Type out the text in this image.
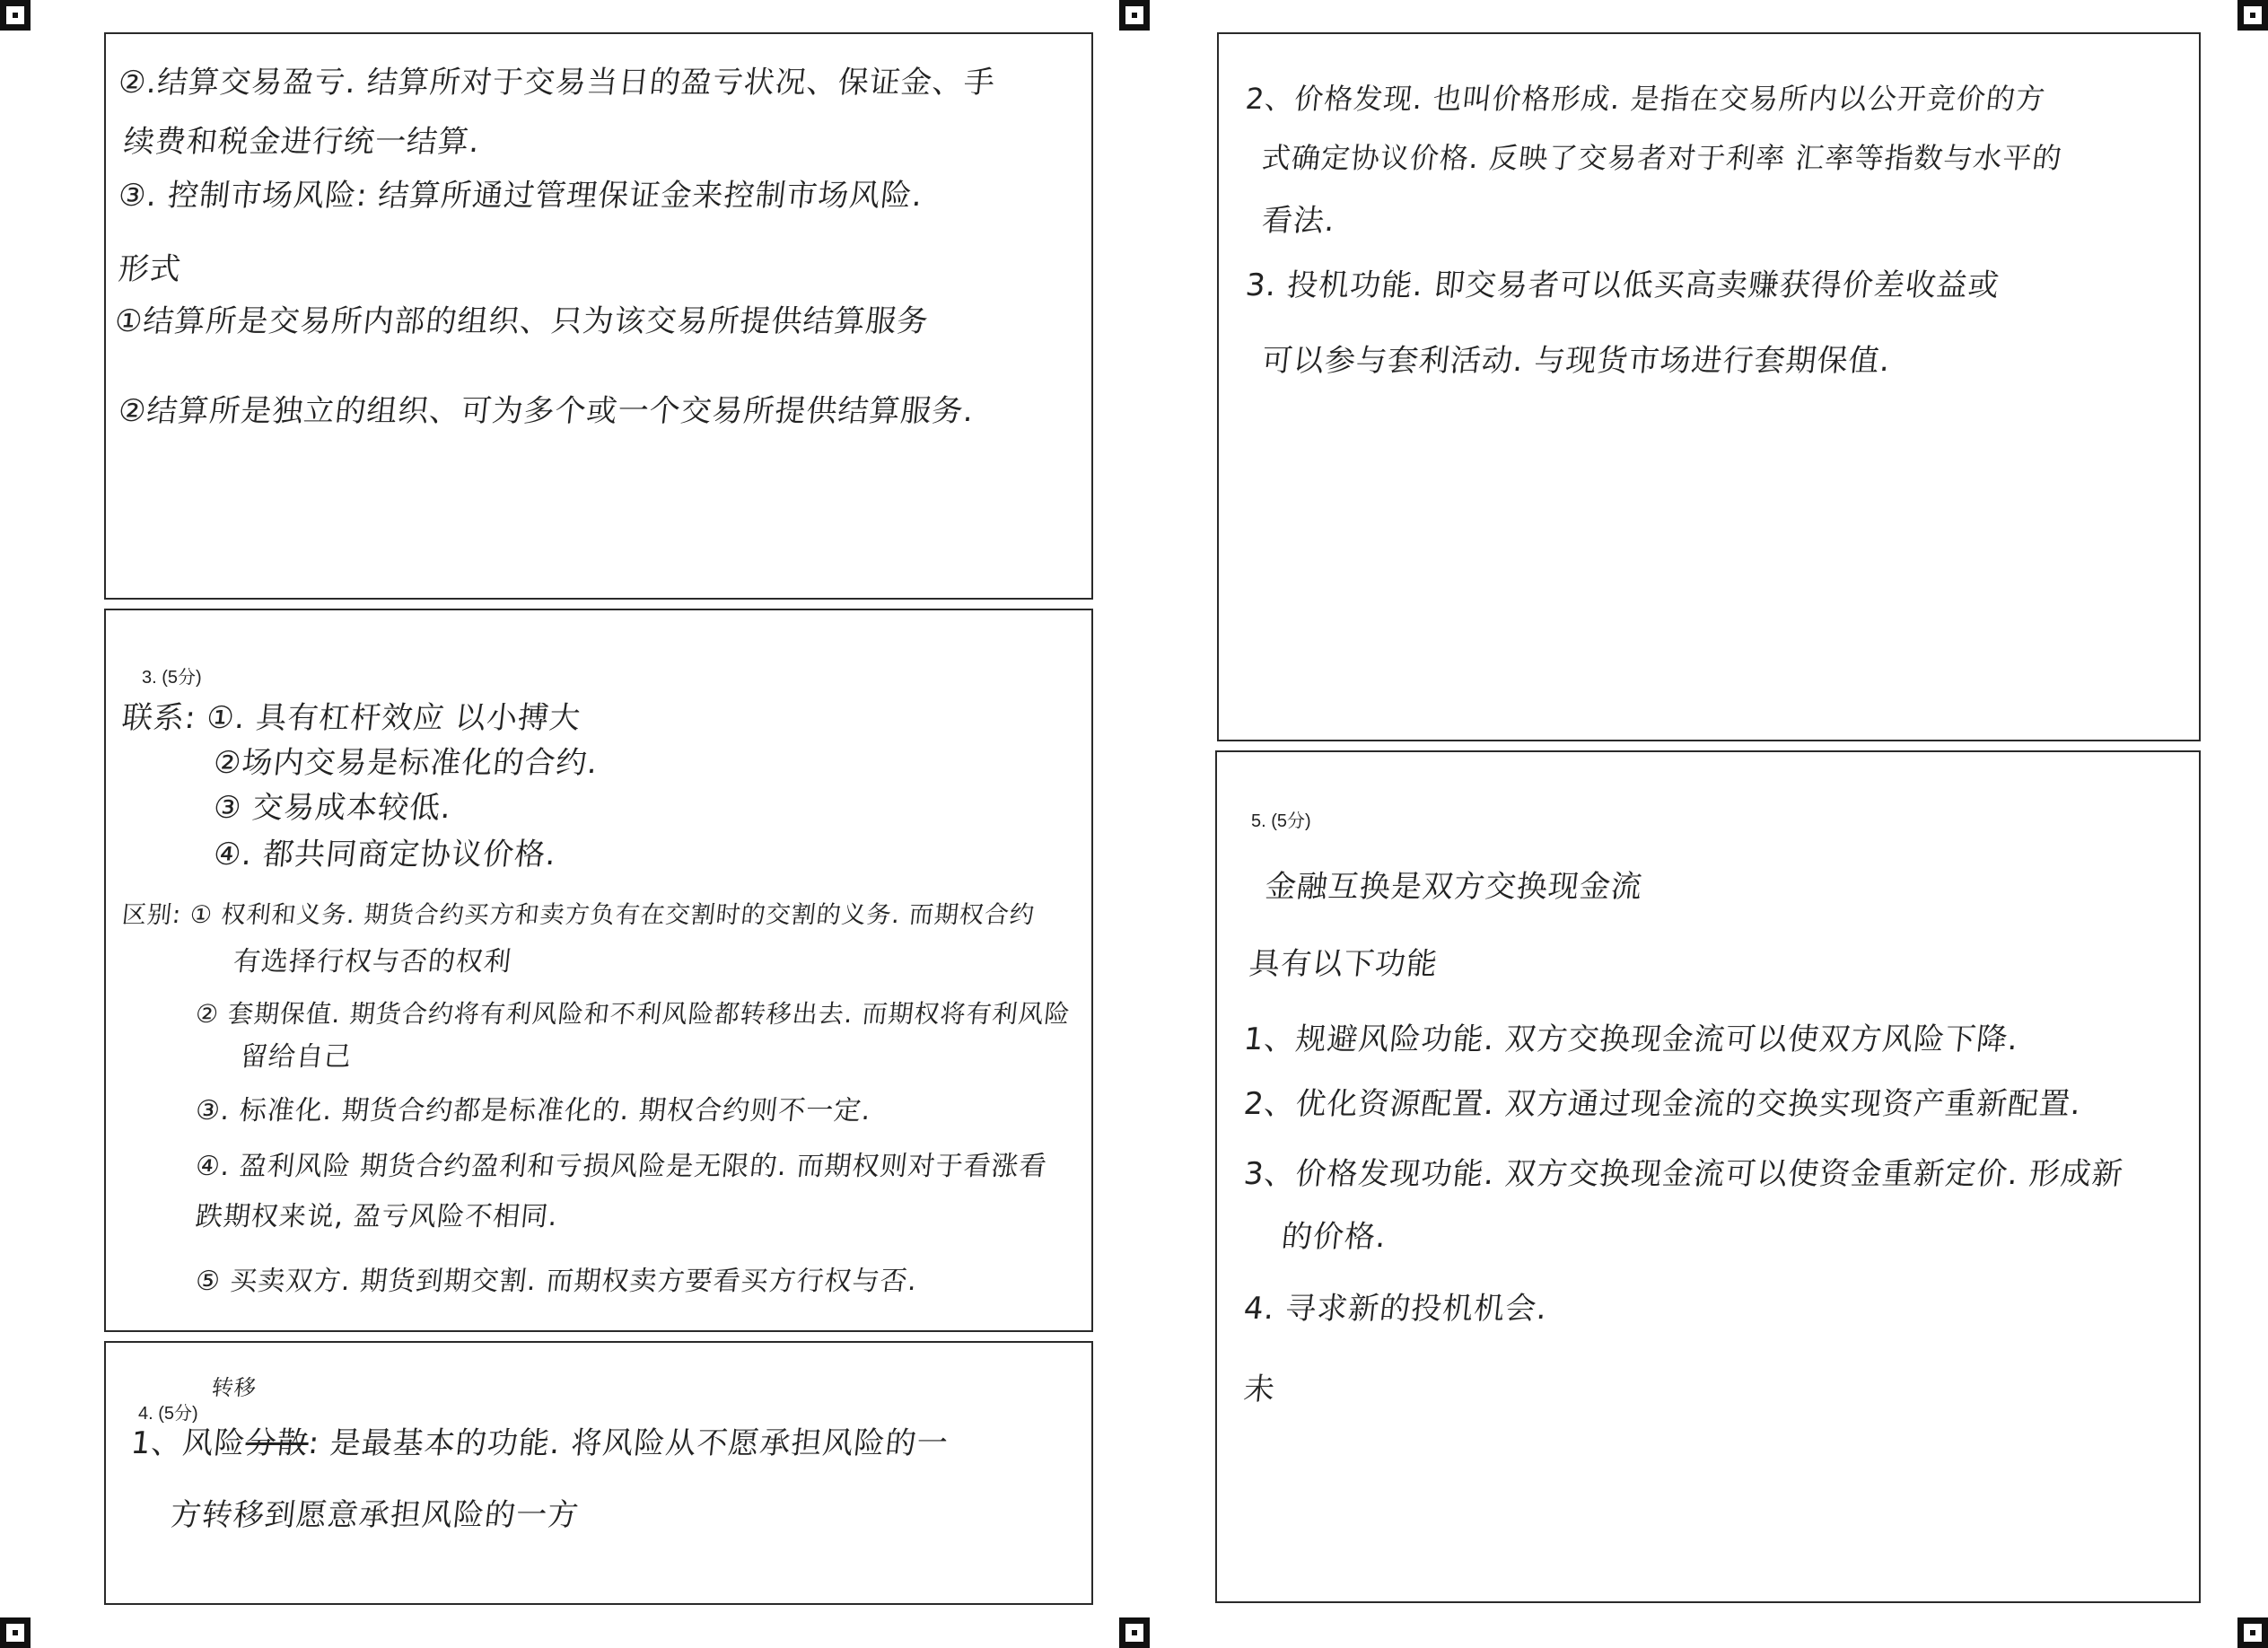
②.结算交易盈亏. 结算所对于交易当日的盈亏状况、保证金、手
续费和税金进行统一结算.
③. 控制市场风险: 结算所通过管理保证金来控制市场风险.
形式
①结算所是交易所内部的组织、只为该交易所提供结算服务
②结算所是独立的组织、可为多个或一个交易所提供结算服务.
3. (5分)
联系: ①. 具有杠杆效应 以小搏大
②场内交易是标准化的合约.
③ 交易成本较低.
④. 都共同商定协议价格.
区别: ① 权利和义务. 期货合约买方和卖方负有在交割时的交割的义务. 而期权合约
有选择行权与否的权利
② 套期保值. 期货合约将有利风险和不利风险都转移出去. 而期权将有利风险
留给自己
③. 标准化. 期货合约都是标准化的. 期权合约则不一定.
④. 盈利风险 期货合约盈利和亏损风险是无限的. 而期权则对于看涨看
跌期权来说, 盈亏风险不相同.
⑤ 买卖双方. 期货到期交割. 而期权卖方要看买方行权与否.
4. (5分)
转移
1、风险分散: 是最基本的功能. 将风险从不愿承担风险的一
方转移到愿意承担风险的一方
2、价格发现. 也叫价格形成. 是指在交易所内以公开竞价的方
式确定协议价格. 反映了交易者对于利率 汇率等指数与水平的
看法.
3. 投机功能. 即交易者可以低买高卖赚获得价差收益或
可以参与套利活动. 与现货市场进行套期保值.
5. (5分)
金融互换是双方交换现金流
具有以下功能
1、规避风险功能. 双方交换现金流可以使双方风险下降.
2、优化资源配置. 双方通过现金流的交换实现资产重新配置.
3、价格发现功能. 双方交换现金流可以使资金重新定价. 形成新
的价格.
4. 寻求新的投机机会.
未
